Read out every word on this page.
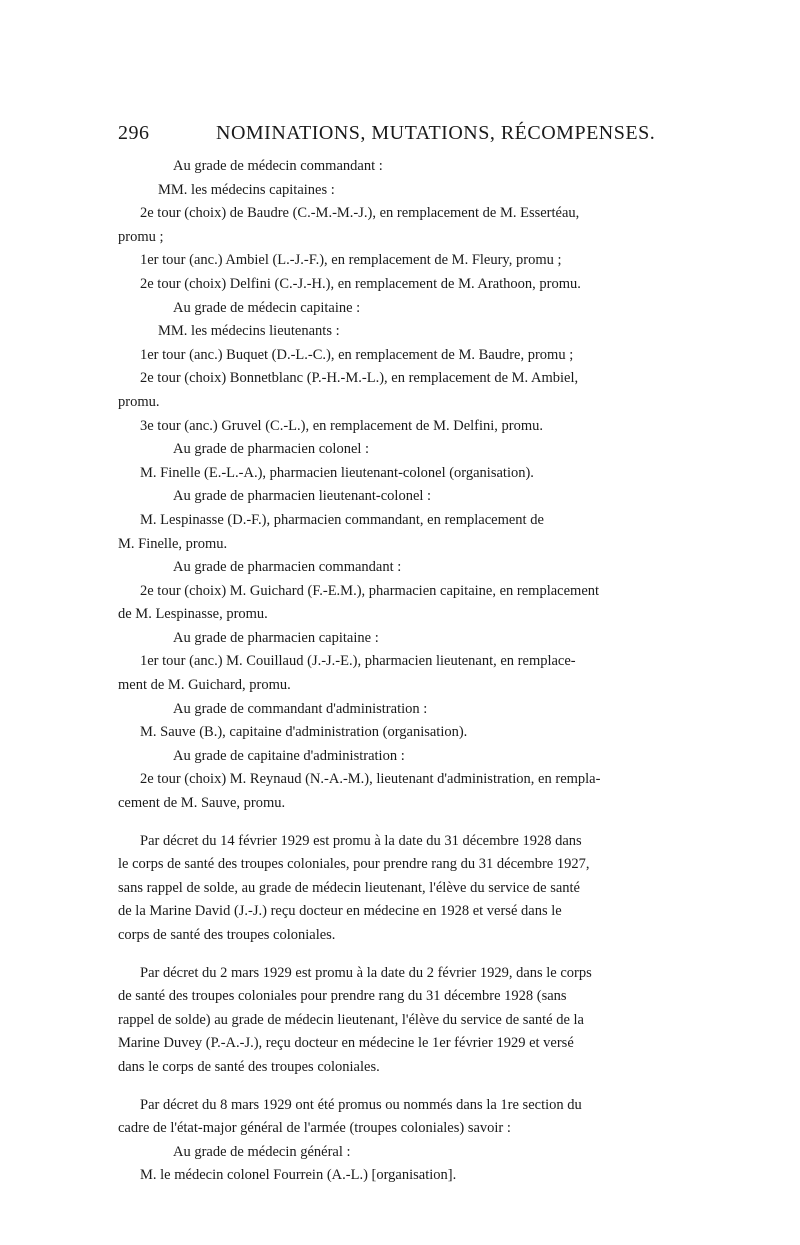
296	NOMINATIONS, MUTATIONS, RÉCOMPENSES.

Au grade de médecin commandant :

MM. les médecins capitaines :

2e tour (choix) de Baudre (C.-M.-M.-J.), en remplacement de M. Essertéau,

promu ;

1er tour (anc.) Ambiel (L.-J.-F.), en remplacement de M. Fleury, promu ;

2e tour (choix) Delfini (C.-J.-H.), en remplacement de M. Arathoon, promu.

Au grade de médecin capitaine :

MM. les médecins lieutenants :

1er tour (anc.) Buquet (D.-L.-C.), en remplacement de M. Baudre, promu ;

2e tour (choix) Bonnetblanc (P.-H.-M.-L.), en remplacement de M. Ambiel,

promu.

3e tour (anc.) Gruvel (C.-L.), en remplacement de M. Delfini, promu.

Au grade de pharmacien colonel :

M. Finelle (E.-L.-A.), pharmacien lieutenant-colonel (organisation).

Au grade de pharmacien lieutenant-colonel :

M. Lespinasse (D.-F.), pharmacien commandant, en remplacement de

M. Finelle, promu.

Au grade de pharmacien commandant :

2e tour (choix) M. Guichard (F.-E.M.), pharmacien capitaine, en remplacement

de M. Lespinasse, promu.

Au grade de pharmacien capitaine :

1er tour (anc.) M. Couillaud (J.-J.-E.), pharmacien lieutenant, en remplace-

ment de M. Guichard, promu.

Au grade de commandant d'administration :

M. Sauve (B.), capitaine d'administration (organisation).

Au grade de capitaine d'administration :

2e tour (choix) M. Reynaud (N.-A.-M.), lieutenant d'administration, en rempla-

cement de M. Sauve, promu.

Par décret du 14 février 1929 est promu à la date du 31 décembre 1928 dans

le corps de santé des troupes coloniales, pour prendre rang du 31 décembre 1927,

sans rappel de solde, au grade de médecin lieutenant, l'élève du service de santé

de la Marine David (J.-J.) reçu docteur en médecine en 1928 et versé dans le

corps de santé des troupes coloniales.

Par décret du 2 mars 1929 est promu à la date du 2 février 1929, dans le corps

de santé des troupes coloniales pour prendre rang du 31 décembre 1928 (sans

rappel de solde) au grade de médecin lieutenant, l'élève du service de santé de la

Marine Duvey (P.-A.-J.), reçu docteur en médecine le 1er février 1929 et versé

dans le corps de santé des troupes coloniales.

Par décret du 8 mars 1929 ont été promus ou nommés dans la 1re section du

cadre de l'état-major général de l'armée (troupes coloniales) savoir :

Au grade de médecin général :

M. le médecin colonel Fourrein (A.-L.) [organisation].
